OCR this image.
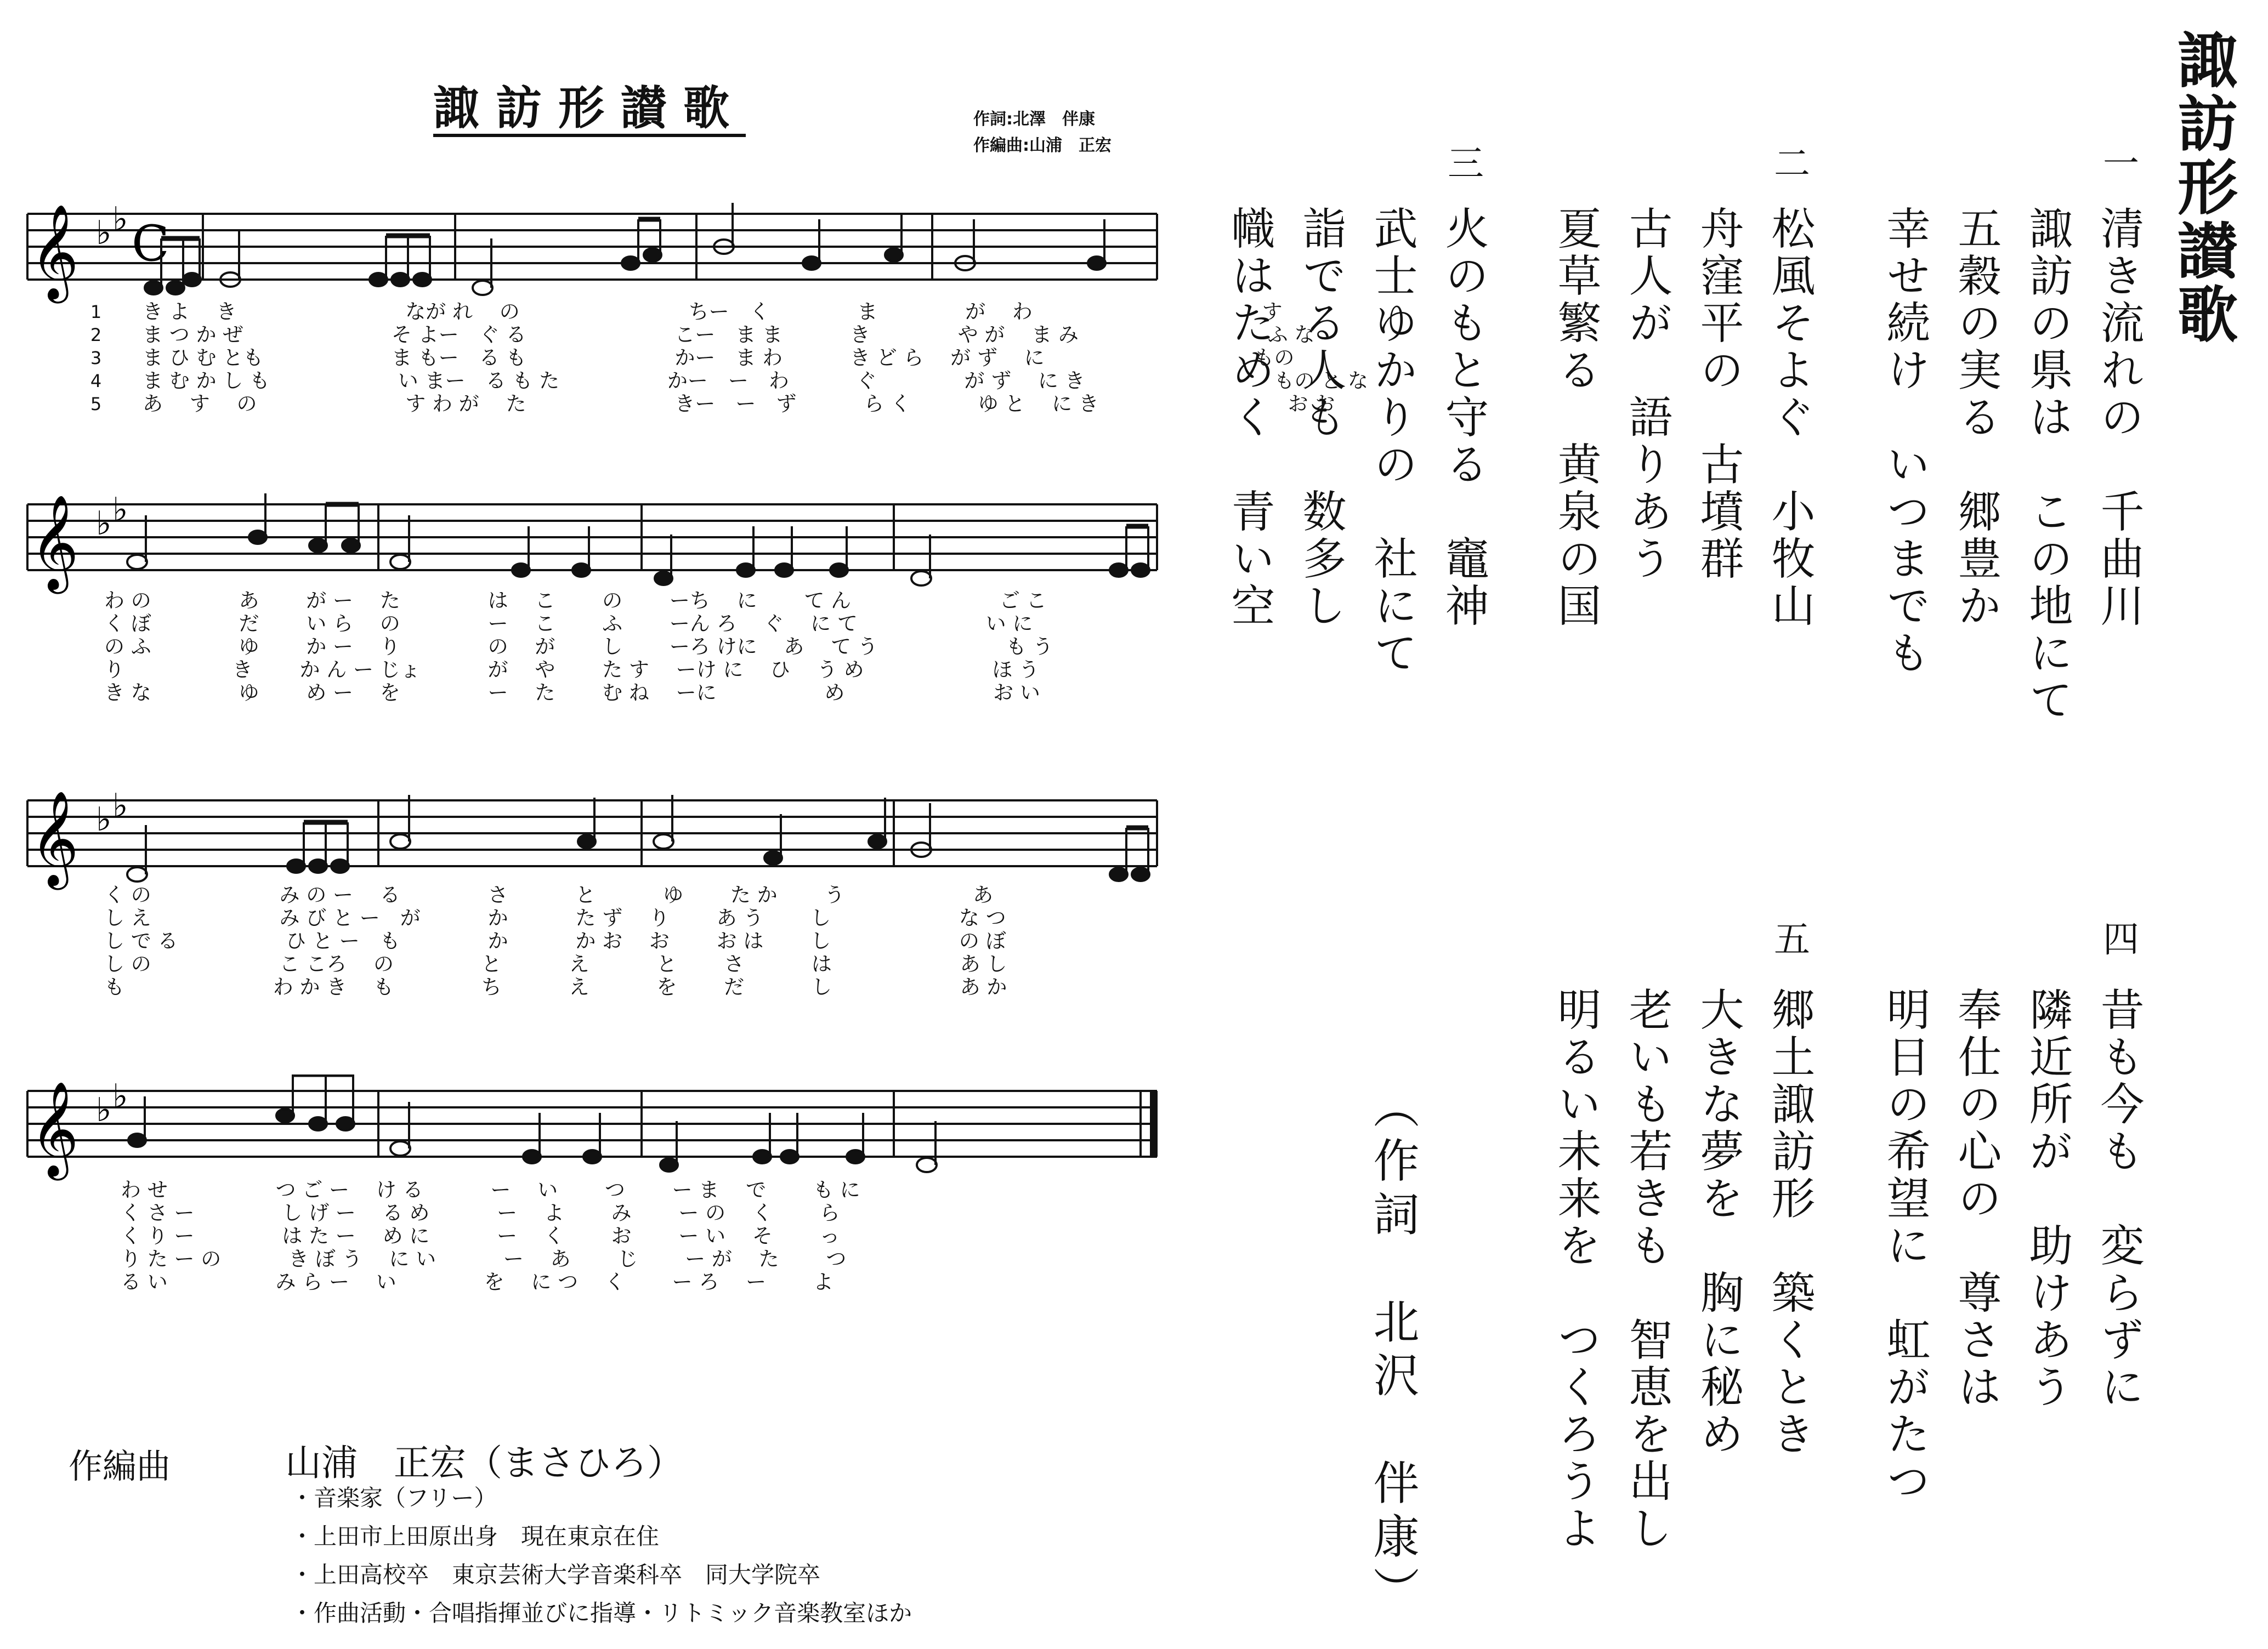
諏訪形讃歌	作詞:北澤　伴康
作編曲:山浦　正宏
𝄞 ♭ ♭ C
𝄞 ♭ ♭
𝄞 ♭ ♭
𝄞 ♭ ♭
1
2
3
4
5
き よ　 き　　　　　　　　 なが れ　 の　　　　　　　　 ちー　く　　　　 ま　　　　 が　 わ　　　　　　　　　　　 す
ま つ か ぜ　　　　　　　 そ よー　ぐ る　　　　　　　 こー　ま ま　　　 き　　　　 や が　 ま み　　　　　　　　　 ふ な
ま ひ む とも　　　　　　 ま もー　る も　　　　　　　 かー　ま わ　　　 き ど ら　 が ず　 に　　　　　　　　　　 もの
ま む か し も　　　　　　 い まー　る も た　　　　　 かー　ー　わ　　　 ぐ　　　　 が ず　 に き　　　　　　　　　 もの と な
あ　 す　 の　　　　　　　 す わ が　 た　　　　　　　 きー　ー　ず　　　 ら く　　　 ゆ と　 に き　　　　　　　　　 お お
わ の　　　　 あ　　 が ー　 た　　　　 は　 こ　　 の　　 ーち　 に　　 て ん　　　　　　　 ご こ
く ぼ　　　　 だ　　 い ら　 の　　　　 ー　 こ　　 ふ　　 ーん ろ　 ぐ　 に て　　　　　　 い に
の ふ　　　　 ゆ　　 か ー　 り　　　　 の　 が　　 し　　 ーろ けに　 あ　 て う　　　　　　 も う
り　　　　　 き　　 か ん ー じょ　　　 が　 や　　 た す　 ーけ に　 ひ　 う め　　　　　　 ほ う
き な　　　　 ゆ　　 め ー　 を　　　　 ー　 た　　 む ね　 ーに　　　　　 め　　　　　　　 お い
く の　　　　　　 み の ー　 る　　　　 さ　　　 と　　　 ゆ　　 た か　　 う　　　　　　 あ
し え　　　　　　 み び と ー　が　　　 か　　　 た ず　 り　　 あ う　　 し　　　　　　 な つ
し で る　　　　　 ひ と ー　も　　　　 か　　　 か お　 お　　 お は　　 し　　　　　　 の ぼ
し の　　　　　　 こ ころ　 の　　　　 と　　　 え　　　 と　　 さ　　　 は　　　　　　 あ し
も　　　　　　　 わ か き　 も　　　　 ち　　　 え　　　 を　　 だ　　　 し　　　　　　 あ か
わ せ　　　　　 つ ご ー　 け る　　　 ー　 い　　 つ　　 ー ま　 で　　 も に
く さ ー　　　　 し げ ー　 る め　　　 ー　 よ　　 み　　 ー の　 く　　 ら
く り ー　　　　 は た ー　 め に　　　 ー　 く　　 お　　 ー い　 そ　　 っ
り た ー の　　　 き ぼ う　 に い　　　 ー　 あ　　 じ　　 ー が　 た　　 つ
る い　　　　　 み ら ー　 い　　　　 を　 に つ　 く　　 ー ろ　 ー　　 よ
作編曲	山浦　正宏（まさひろ）
・音楽家（フリー）
・上田市上田原出身　現在東京在住
・上田高校卒　東京芸術大学音楽科卒　同大学院卒
・作曲活動・合唱指揮並びに指導・リトミック音楽教室ほか
諏訪形讃歌
一
清き流れの　千曲川
諏訪の県は　この地にて
五穀の実る　郷豊か
幸せ続け　いつまでも
二
松風そよぐ　小牧山
舟窪平の　古墳群
古人が　語りあう
夏草繁る　黄泉の国
三
火のもと守る　竈神
武士ゆかりの　社にて
詣でる人も　数多し
幟はためく　青い空
四
昔も今も　変らずに
隣近所が　助けあう
奉仕の心の　尊さは
明日の希望に　虹がたつ
五
郷土諏訪形　築くとき
大きな夢を　胸に秘め
老いも若きも　智恵を出し
明るい未来を　つくろうよ
（作詞　北沢　伴康）
